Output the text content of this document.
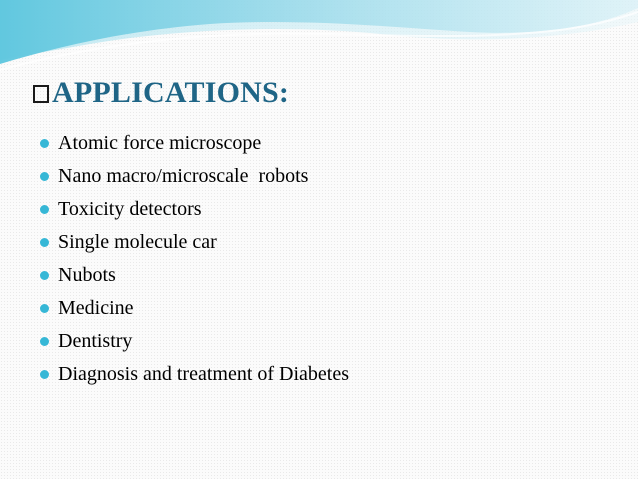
APPLICATIONS:
Atomic force microscope
Nano macro/microscale  robots
Toxicity detectors
Single molecule car
Nubots
Medicine
Dentistry
Diagnosis and treatment of Diabetes
